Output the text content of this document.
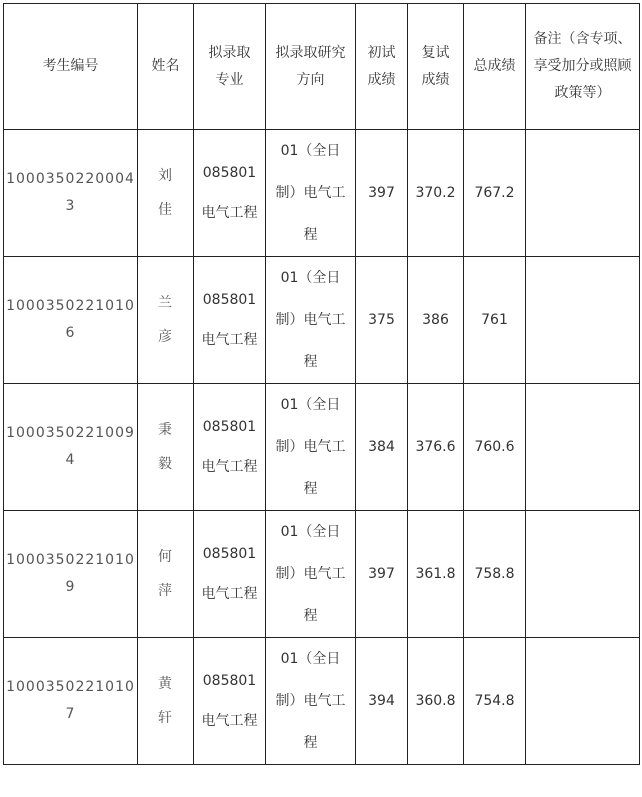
考生编号	姓名	拟录取专业	拟录取研究方向	初试成绩	复试成绩	总成绩	备注（含专项、享受加分或照顾政策等）
1000350220004 3	刘 佳	085801 电气工程	01（全日制）电气工程	397	370.2	767.2	
1000350221010 6	兰 彦	085801 电气工程	01（全日制）电气工程	375	386	761	
1000350221009 4	秉 毅	085801 电气工程	01（全日制）电气工程	384	376.6	760.6	
1000350221010 9	何 萍	085801 电气工程	01（全日制）电气工程	397	361.8	758.8	
1000350221010 7	黄 轩	085801 电气工程	01（全日制）电气工程	394	360.8	754.8	
